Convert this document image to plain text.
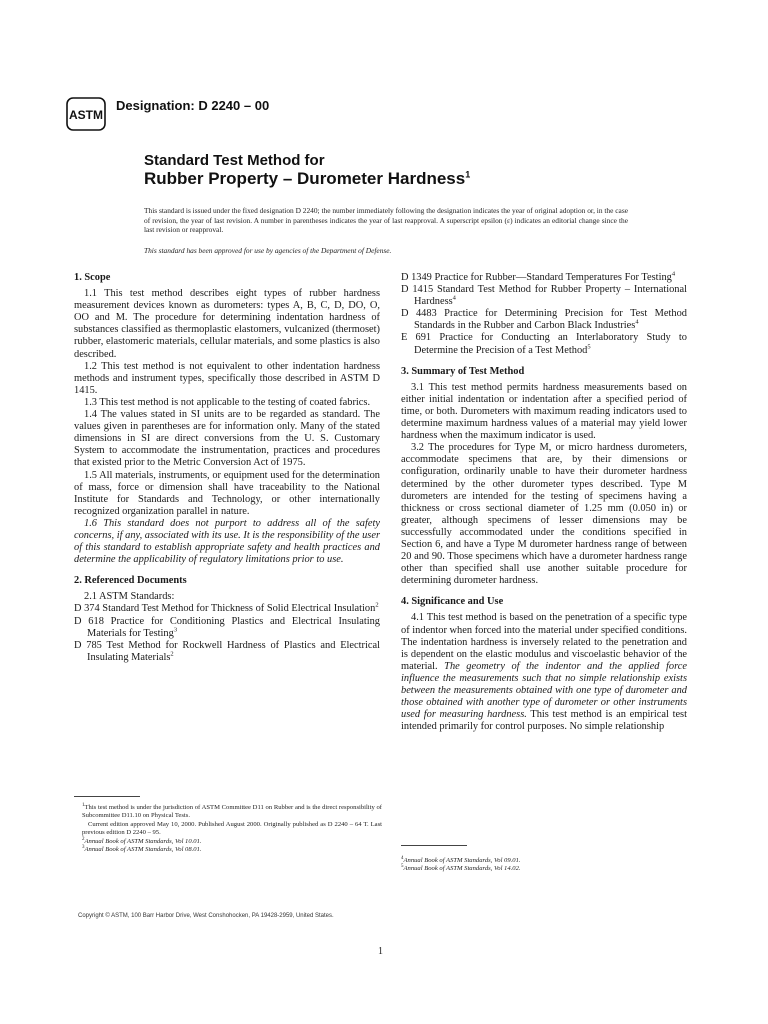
ASTM
Designation: D 2240 – 00
Standard Test Method for
Rubber Property – Durometer Hardness$^1$
This standard is issued under the fixed designation D 2240; the number immediately following the designation indicates the year of original adoption or, in the case of revision, the year of last revision. A number in parentheses indicates the year of last reapproval. A superscript epsilon (ε) indicates an editorial change since the last revision or reapproval.
This standard has been approved for use by agencies of the Department of Defense.

1. Scope

1.1 This test method describes eight types of rubber hardness measurement devices known as durometers: types A, B, C, D, DO, O, OO and M. The procedure for determining indentation hardness of substances classified as thermoplastic elastomers, vulcanized (thermoset) rubber, elastomeric materials, cellular materials, and some plastics is also described.

1.2 This test method is not equivalent to other indentation hardness methods and instrument types, specifically those described in ASTM D 1415.

1.3 This test method is not applicable to the testing of coated fabrics.

1.4 The values stated in SI units are to be regarded as standard. The values given in parentheses are for information only. Many of the stated dimensions in SI are direct conversions from the U. S. Customary System to accommodate the instrumentation, practices and procedures that existed prior to the Metric Conversion Act of 1975.

1.5 All materials, instruments, or equipment used for the determination of mass, force or dimension shall have traceability to the National Institute for Standards and Technology, or other internationally recognized organization parallel in nature.

1.6 This standard does not purport to address all of the safety concerns, if any, associated with its use. It is the responsibility of the user of this standard to establish appropriate safety and health practices and determine the applicability of regulatory limitations prior to use.

2. Referenced Documents

2.1 ASTM Standards:

D 374 Standard Test Method for Thickness of Solid Electrical Insulation$^2$

D 618 Practice for Conditioning Plastics and Electrical Insulating Materials for Testing$^3$

D 785 Test Method for Rockwell Hardness of Plastics and Electrical Insulating Materials$^2$

D 1349 Practice for Rubber—Standard Temperatures For Testing$^4$

D 1415 Standard Test Method for Rubber Property – International Hardness$^4$

D 4483 Practice for Determining Precision for Test Method Standards in the Rubber and Carbon Black Industries$^4$

E 691 Practice for Conducting an Interlaboratory Study to Determine the Precision of a Test Method$^5$

3. Summary of Test Method

3.1 This test method permits hardness measurements based on either initial indentation or indentation after a specified period of time, or both. Durometers with maximum reading indicators used to determine maximum hardness values of a material may yield lower hardness when the maximum indicator is used.

3.2 The procedures for Type M, or micro hardness durometers, accommodate specimens that are, by their dimensions or configuration, ordinarily unable to have their durometer hardness determined by the other durometer types described. Type M durometers are intended for the testing of specimens having a thickness or cross sectional diameter of 1.25 mm (0.050 in) or greater, although specimens of lesser dimensions may be successfully accommodated under the conditions specified in Section 6, and have a Type M durometer hardness range of between 20 and 90. Those specimens which have a durometer hardness range other than specified shall use another suitable procedure for determining durometer hardness.

4. Significance and Use

4.1 This test method is based on the penetration of a specific type of indentor when forced into the material under specified conditions. The indentation hardness is inversely related to the penetration and is dependent on the elastic modulus and viscoelastic behavior of the material. The geometry of the indentor and the applied force influence the measurements such that no simple relationship exists between the measurements obtained with one type of durometer and those obtained with another type of durometer or other instruments used for measuring hardness. This test method is an empirical test intended primarily for control purposes. No simple relationship

$^1$This test method is under the jurisdiction of ASTM Committee D11 on Rubber and is the direct responsibility of Subcommittee D11.10 on Physical Tests.

Current edition approved May 10, 2000. Published August 2000. Originally published as D 2240 – 64 T. Last previous edition D 2240 – 95.

$^2$Annual Book of ASTM Standards, Vol 10.01.

$^3$Annual Book of ASTM Standards, Vol 08.01.

$^4$Annual Book of ASTM Standards, Vol 09.01.

$^5$Annual Book of ASTM Standards, Vol 14.02.

Copyright © ASTM, 100 Barr Harbor Drive, West Conshohocken, PA 19428-2959, United States.
1
